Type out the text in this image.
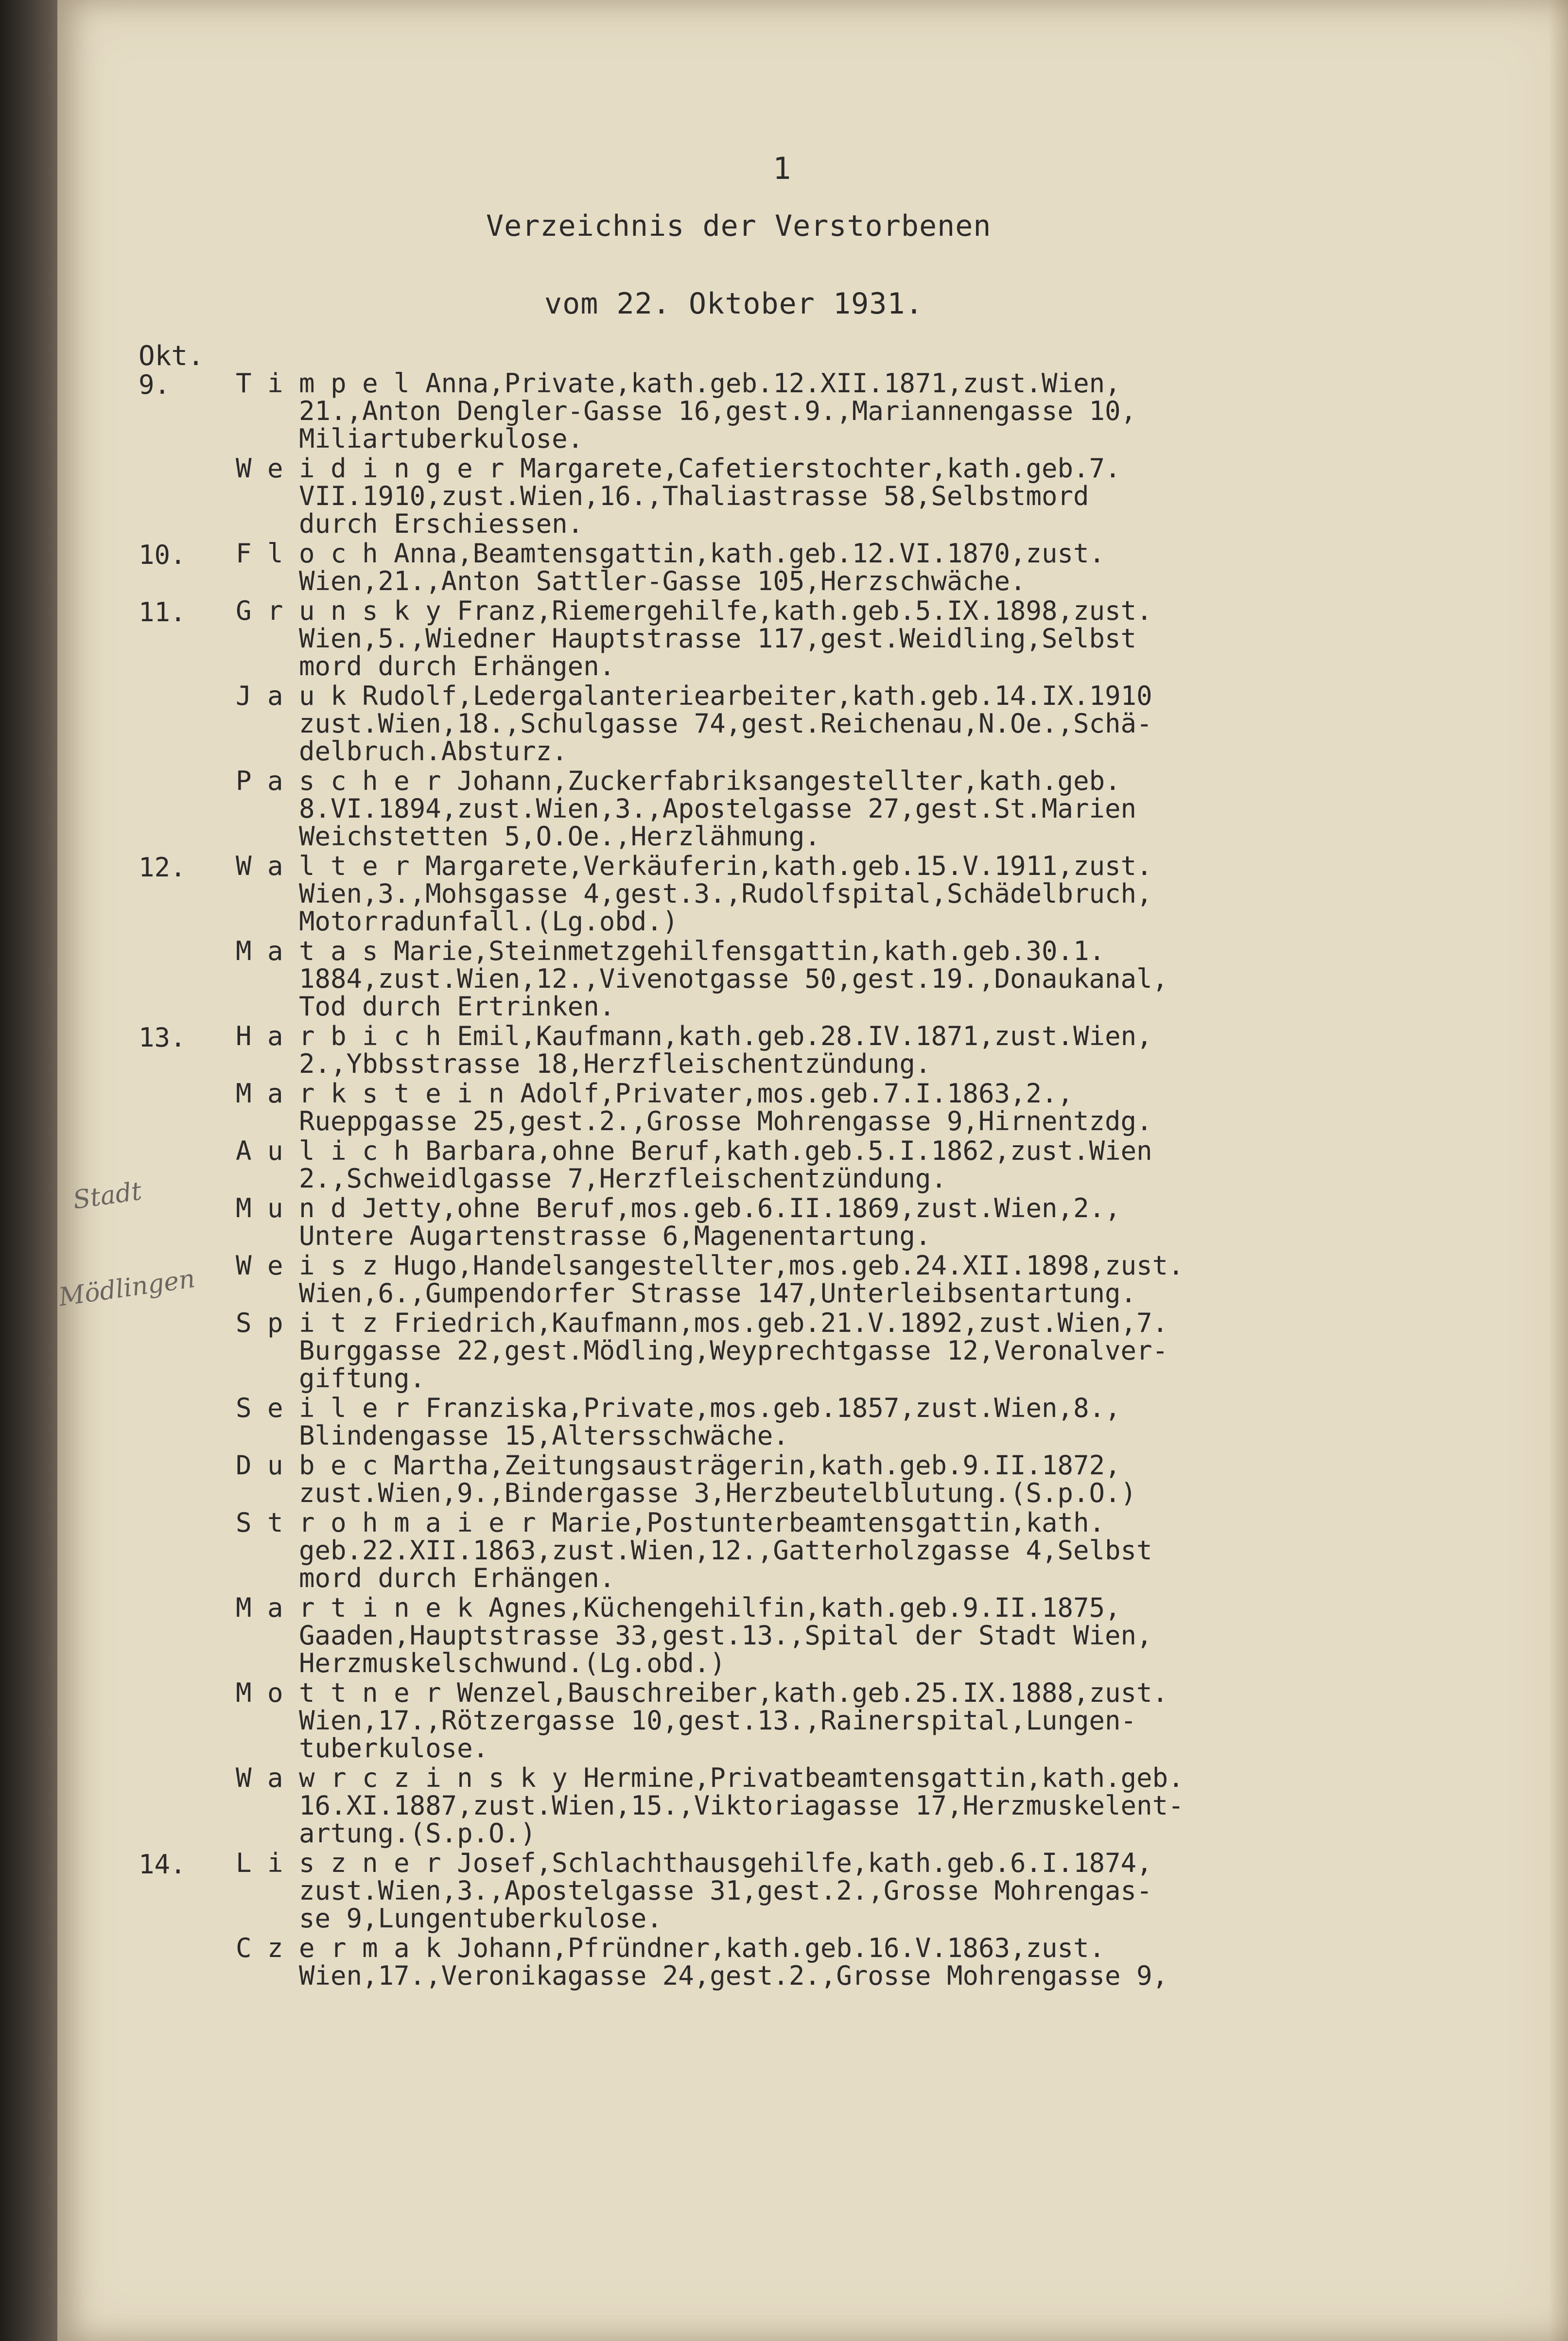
1
Verzeichnis der Verstorbenen
vom 22. Oktober 1931.
Okt.
Stadt
Mödlingen
9. T i m p e l Anna,Private,kath.geb.12.XII.1871,zust.Wien,
21.,Anton Dengler-Gasse 16,gest.9.,Mariannengasse 10,
Miliartuberkulose.
W e i d i n g e r Margarete,Cafetierstochter,kath.geb.7.
VII.1910,zust.Wien,16.,Thaliastrasse 58,Selbstmord
durch Erschiessen.
10. F l o c h Anna,Beamtensgattin,kath.geb.12.VI.1870,zust.
Wien,21.,Anton Sattler-Gasse 105,Herzschwäche.
11. G r u n s k y Franz,Riemergehilfe,kath.geb.5.IX.1898,zust.
Wien,5.,Wiedner Hauptstrasse 117,gest.Weidling,Selbst
mord durch Erhängen.
J a u k Rudolf,Ledergalanteriearbeiter,kath.geb.14.IX.1910
zust.Wien,18.,Schulgasse 74,gest.Reichenau,N.Oe.,Schä-
delbruch.Absturz.
P a s c h e r Johann,Zuckerfabriksangestellter,kath.geb.
8.VI.1894,zust.Wien,3.,Apostelgasse 27,gest.St.Marien
Weichstetten 5,O.Oe.,Herzlähmung.
12. W a l t e r Margarete,Verkäuferin,kath.geb.15.V.1911,zust.
Wien,3.,Mohsgasse 4,gest.3.,Rudolfspital,Schädelbruch,
Motorradunfall.(Lg.obd.)
M a t a s Marie,Steinmetzgehilfensgattin,kath.geb.30.1.
1884,zust.Wien,12.,Vivenotgasse 50,gest.19.,Donaukanal,
Tod durch Ertrinken.
13. H a r b i c h Emil,Kaufmann,kath.geb.28.IV.1871,zust.Wien,
2.,Ybbsstrasse 18,Herzfleischentzündung.
M a r k s t e i n Adolf,Privater,mos.geb.7.I.1863,2.,
Rueppgasse 25,gest.2.,Grosse Mohrengasse 9,Hirnentzdg.
A u l i c h Barbara,ohne Beruf,kath.geb.5.I.1862,zust.Wien
2.,Schweidlgasse 7,Herzfleischentzündung.
M u n d Jetty,ohne Beruf,mos.geb.6.II.1869,zust.Wien,2.,
Untere Augartenstrasse 6,Magenentartung.
W e i s z Hugo,Handelsangestellter,mos.geb.24.XII.1898,zust.
Wien,6.,Gumpendorfer Strasse 147,Unterleibsentartung.
S p i t z Friedrich,Kaufmann,mos.geb.21.V.1892,zust.Wien,7.
Burggasse 22,gest.Mödling,Weyprechtgasse 12,Veronalver-
giftung.
S e i l e r Franziska,Private,mos.geb.1857,zust.Wien,8.,
Blindengasse 15,Altersschwäche.
D u b e c Martha,Zeitungsausträgerin,kath.geb.9.II.1872,
zust.Wien,9.,Bindergasse 3,Herzbeutelblutung.(S.p.O.)
S t r o h m a i e r Marie,Postunterbeamtensgattin,kath.
geb.22.XII.1863,zust.Wien,12.,Gatterholzgasse 4,Selbst
mord durch Erhängen.
M a r t i n e k Agnes,Küchengehilfin,kath.geb.9.II.1875,
Gaaden,Hauptstrasse 33,gest.13.,Spital der Stadt Wien,
Herzmuskelschwund.(Lg.obd.)
M o t t n e r Wenzel,Bauschreiber,kath.geb.25.IX.1888,zust.
Wien,17.,Rötzergasse 10,gest.13.,Rainerspital,Lungen-
tuberkulose.
W a w r c z i n s k y Hermine,Privatbeamtensgattin,kath.geb.
16.XI.1887,zust.Wien,15.,Viktoriagasse 17,Herzmuskelent-
artung.(S.p.O.)
14. L i s z n e r Josef,Schlachthausgehilfe,kath.geb.6.I.1874,
zust.Wien,3.,Apostelgasse 31,gest.2.,Grosse Mohrengas-
se 9,Lungentuberkulose.
C z e r m a k Johann,Pfründner,kath.geb.16.V.1863,zust.
Wien,17.,Veronikagasse 24,gest.2.,Grosse Mohrengasse 9,
